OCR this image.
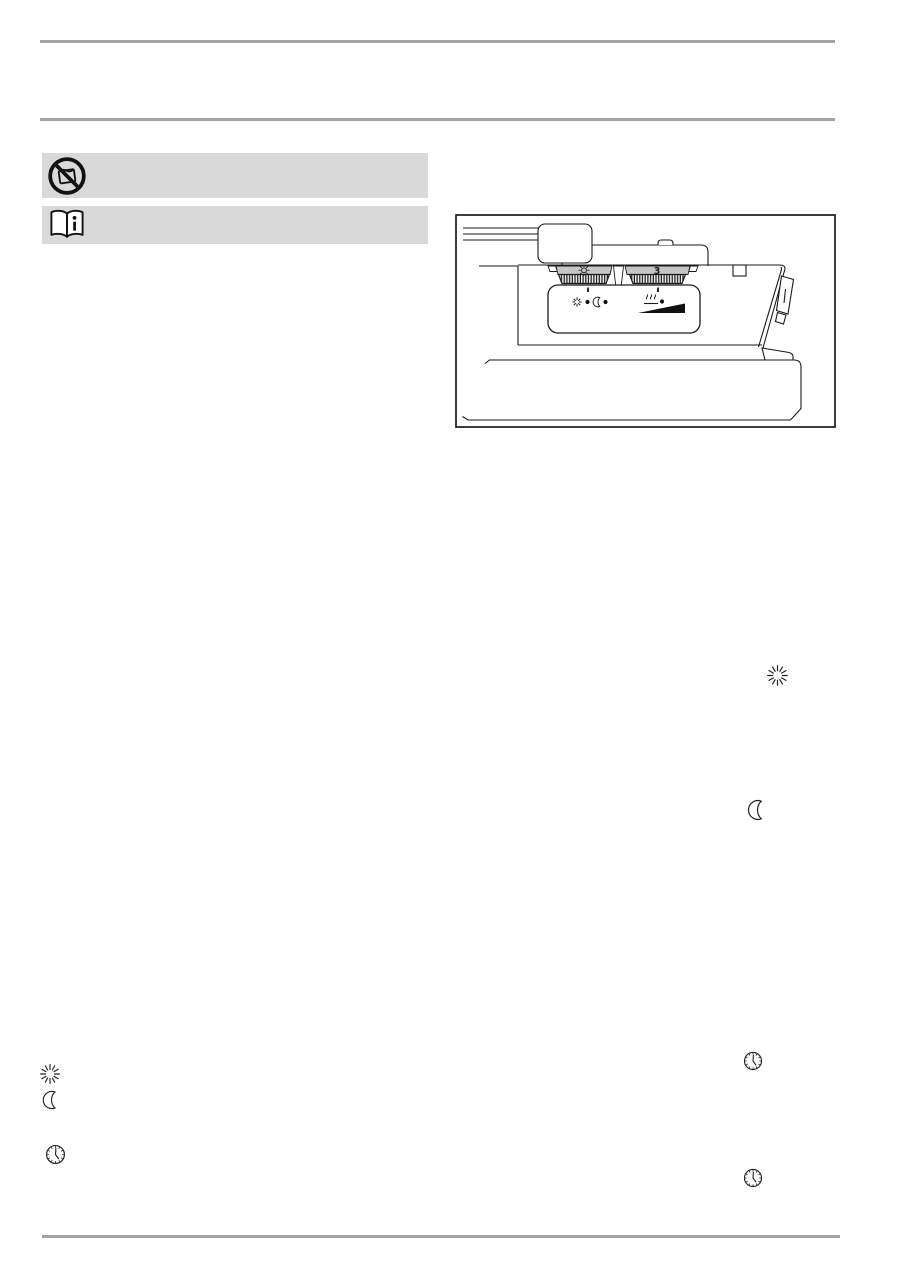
3
